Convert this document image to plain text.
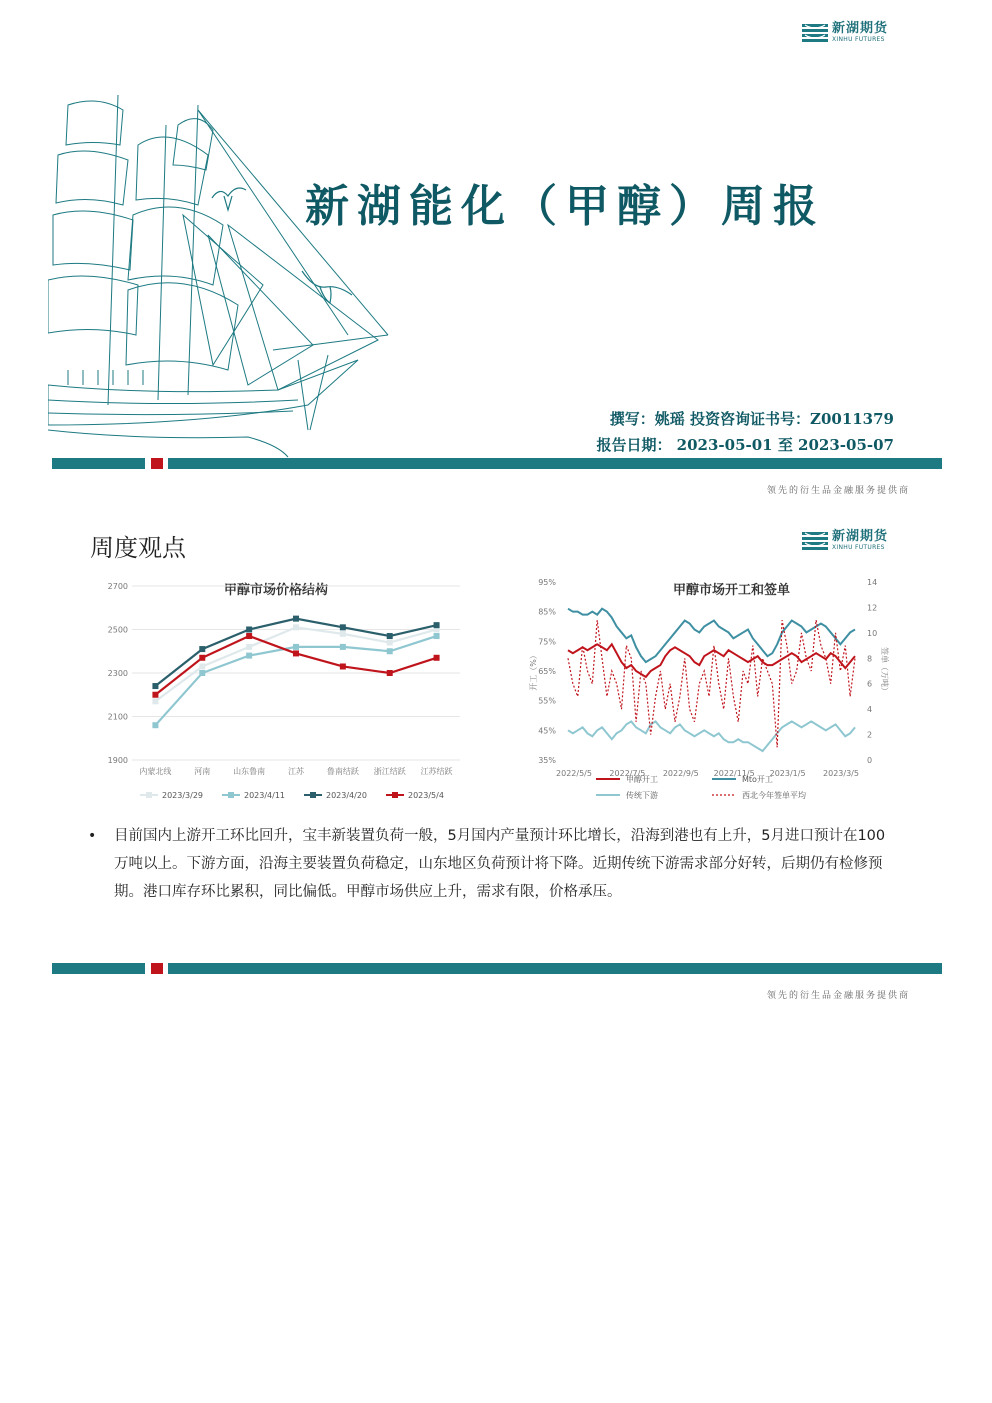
新湖期货
XINHU FUTURES
新湖能化（甲醇）周报
撰写：姚瑶 投资咨询证书号：Z0011379
报告日期： 2023-05-01 至 2023-05-07
领先的衍生品金融服务提供商
周度观点	新湖期货
XINHU FUTURES
甲醇市场价格结构
1900
2100
2300
2500
2700
内蒙北线	河南	山东鲁南	江苏	鲁南结跃 浙江结跃 江苏结跃
2023/3/29	2023/4/11	2023/4/20	2023/5/4
甲醇市场开工和签单
95%
85%
75%
65%
55%
45%
35%
14
12
10
8
6
4
2
0
2022/5/5 2022/7/5 2022/9/5 2022/11/5 2023/1/5 2023/3/5
开工（%）	签单（万吨）
甲醇开工	Mto开工
传统下游	西北今年签单平均
• 目前国内上游开工环比回升，宝丰新装置负荷一般，5月国内产量预计环比增长，沿海到港也有上升，5月进口预计在100万吨以上。下游方面，沿海主要装置负荷稳定，山东地区负荷预计将下降。近期传统下游需求部分好转，后期仍有检修预期。港口库存环比累积，同比偏低。甲醇市场供应上升，需求有限，价格承压。
领先的衍生品金融服务提供商
